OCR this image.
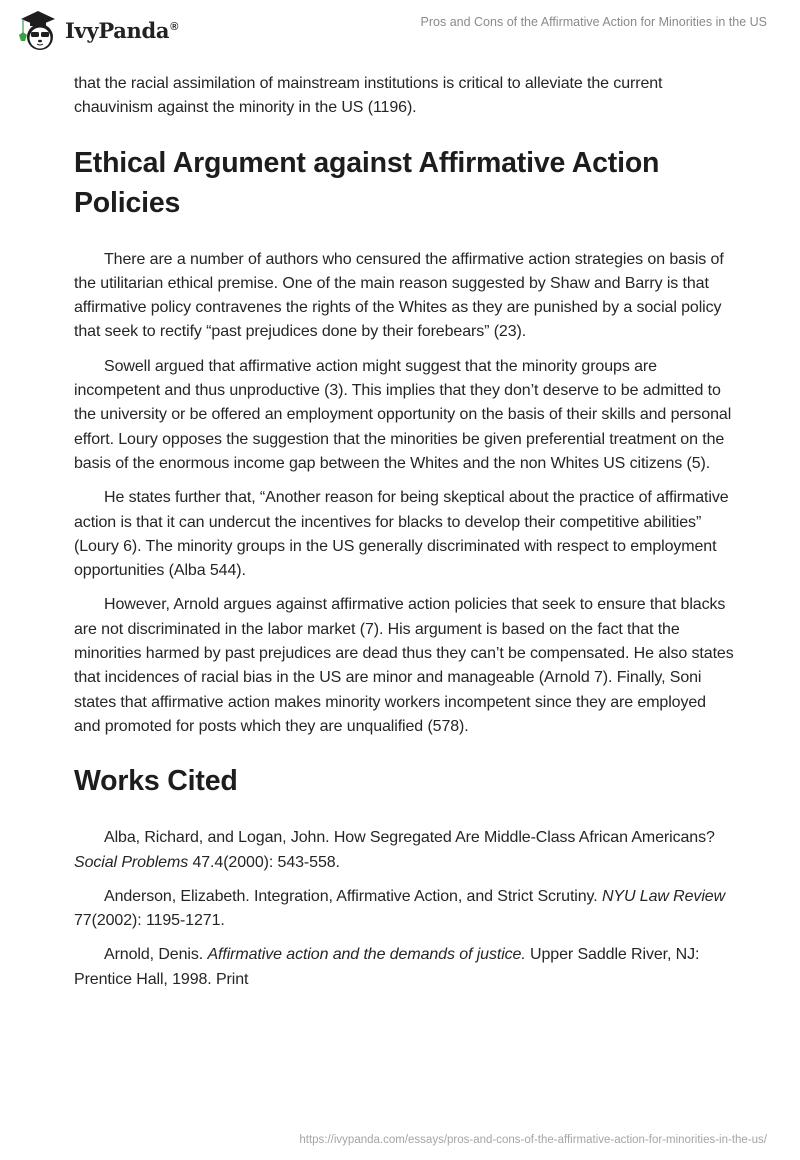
IvyPanda®	Pros and Cons of the Affirmative Action for Minorities in the US

that the racial assimilation of mainstream institutions is critical to alleviate the current chauvinism against the minority in the US (1196).

Ethical Argument against Affirmative Action Policies

There are a number of authors who censured the affirmative action strategies on basis of the utilitarian ethical premise. One of the main reason suggested by Shaw and Barry is that affirmative policy contravenes the rights of the Whites as they are punished by a social policy that seek to rectify “past prejudices done by their forebears” (23).

Sowell argued that affirmative action might suggest that the minority groups are incompetent and thus unproductive (3). This implies that they don’t deserve to be admitted to the university or be offered an employment opportunity on the basis of their skills and personal effort. Loury opposes the suggestion that the minorities be given preferential treatment on the basis of the enormous income gap between the Whites and the non Whites US citizens (5).

He states further that, “Another reason for being skeptical about the practice of affirmative action is that it can undercut the incentives for blacks to develop their competitive abilities” (Loury 6). The minority groups in the US generally discriminated with respect to employment opportunities (Alba 544).

However, Arnold argues against affirmative action policies that seek to ensure that blacks are not discriminated in the labor market (7). His argument is based on the fact that the minorities harmed by past prejudices are dead thus they can’t be compensated. He also states that incidences of racial bias in the US are minor and manageable (Arnold 7). Finally, Soni states that affirmative action makes minority workers incompetent since they are employed and promoted for posts which they are unqualified (578).

Works Cited

Alba, Richard, and Logan, John. How Segregated Are Middle-Class African Americans? Social Problems 47.4(2000): 543-558.

Anderson, Elizabeth. Integration, Affirmative Action, and Strict Scrutiny. NYU Law Review 77(2002): 1195-1271.

Arnold, Denis. Affirmative action and the demands of justice. Upper Saddle River, NJ: Prentice Hall, 1998. Print

https://ivypanda.com/essays/pros-and-cons-of-the-affirmative-action-for-minorities-in-the-us/
